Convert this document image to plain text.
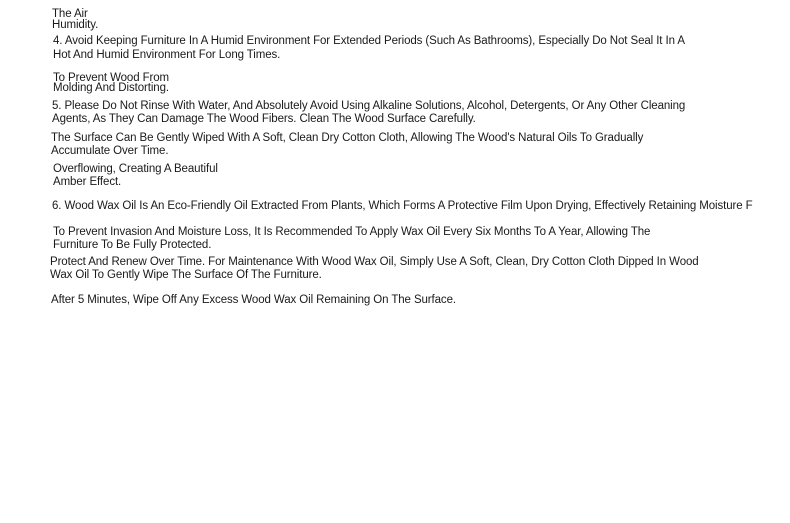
The Air
Humidity.
4. Avoid Keeping Furniture In A Humid Environment For Extended Periods (Such As Bathrooms), Especially Do Not Seal It In A
Hot And Humid Environment For Long Times.
To Prevent Wood From
Molding And Distorting.
5. Please Do Not Rinse With Water, And Absolutely Avoid Using Alkaline Solutions, Alcohol, Detergents, Or Any Other Cleaning
Agents, As They Can Damage The Wood Fibers. Clean The Wood Surface Carefully.
The Surface Can Be Gently Wiped With A Soft, Clean Dry Cotton Cloth, Allowing The Wood's Natural Oils To Gradually
Accumulate Over Time.
Overflowing, Creating A Beautiful
Amber Effect.
6. Wood Wax Oil Is An Eco-Friendly Oil Extracted From Plants, Which Forms A Protective Film Upon Drying, Effectively Retaining Moisture F
To Prevent Invasion And Moisture Loss, It Is Recommended To Apply Wax Oil Every Six Months To A Year, Allowing The
Furniture To Be Fully Protected.
Protect And Renew Over Time. For Maintenance With Wood Wax Oil, Simply Use A Soft, Clean, Dry Cotton Cloth Dipped In Wood
Wax Oil To Gently Wipe The Surface Of The Furniture.
After 5 Minutes, Wipe Off Any Excess Wood Wax Oil Remaining On The Surface.
